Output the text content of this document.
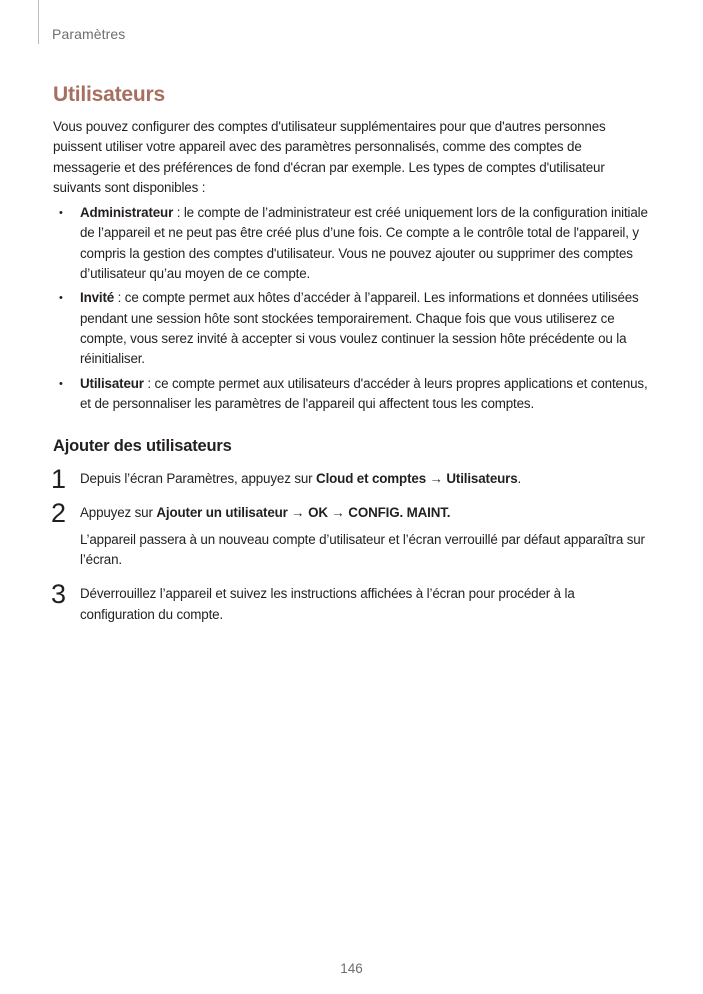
Paramètres
Utilisateurs

Vous pouvez configurer des comptes d'utilisateur supplémentaires pour que d'autres personnes puissent utiliser votre appareil avec des paramètres personnalisés, comme des comptes de messagerie et des préférences de fond d'écran par exemple. Les types de comptes d'utilisateur suivants sont disponibles :

• Administrateur : le compte de l’administrateur est créé uniquement lors de la configuration initiale de l’appareil et ne peut pas être créé plus d’une fois. Ce compte a le contrôle total de l'appareil, y compris la gestion des comptes d'utilisateur. Vous ne pouvez ajouter ou supprimer des comptes d’utilisateur qu’au moyen de ce compte.
• Invité : ce compte permet aux hôtes d’accéder à l’appareil. Les informations et données utilisées pendant une session hôte sont stockées temporairement. Chaque fois que vous utiliserez ce compte, vous serez invité à accepter si vous voulez continuer la session hôte précédente ou la réinitialiser.
• Utilisateur : ce compte permet aux utilisateurs d'accéder à leurs propres applications et contenus, et de personnaliser les paramètres de l'appareil qui affectent tous les comptes.
Ajouter des utilisateurs
1 Depuis l’écran Paramètres, appuyez sur Cloud et comptes → Utilisateurs.

2 Appuyez sur Ajouter un utilisateur → OK → CONFIG. MAINT.

L’appareil passera à un nouveau compte d’utilisateur et l’écran verrouillé par défaut apparaîtra sur l’écran.

3 Déverrouillez l’appareil et suivez les instructions affichées à l’écran pour procéder à la configuration du compte.

146
